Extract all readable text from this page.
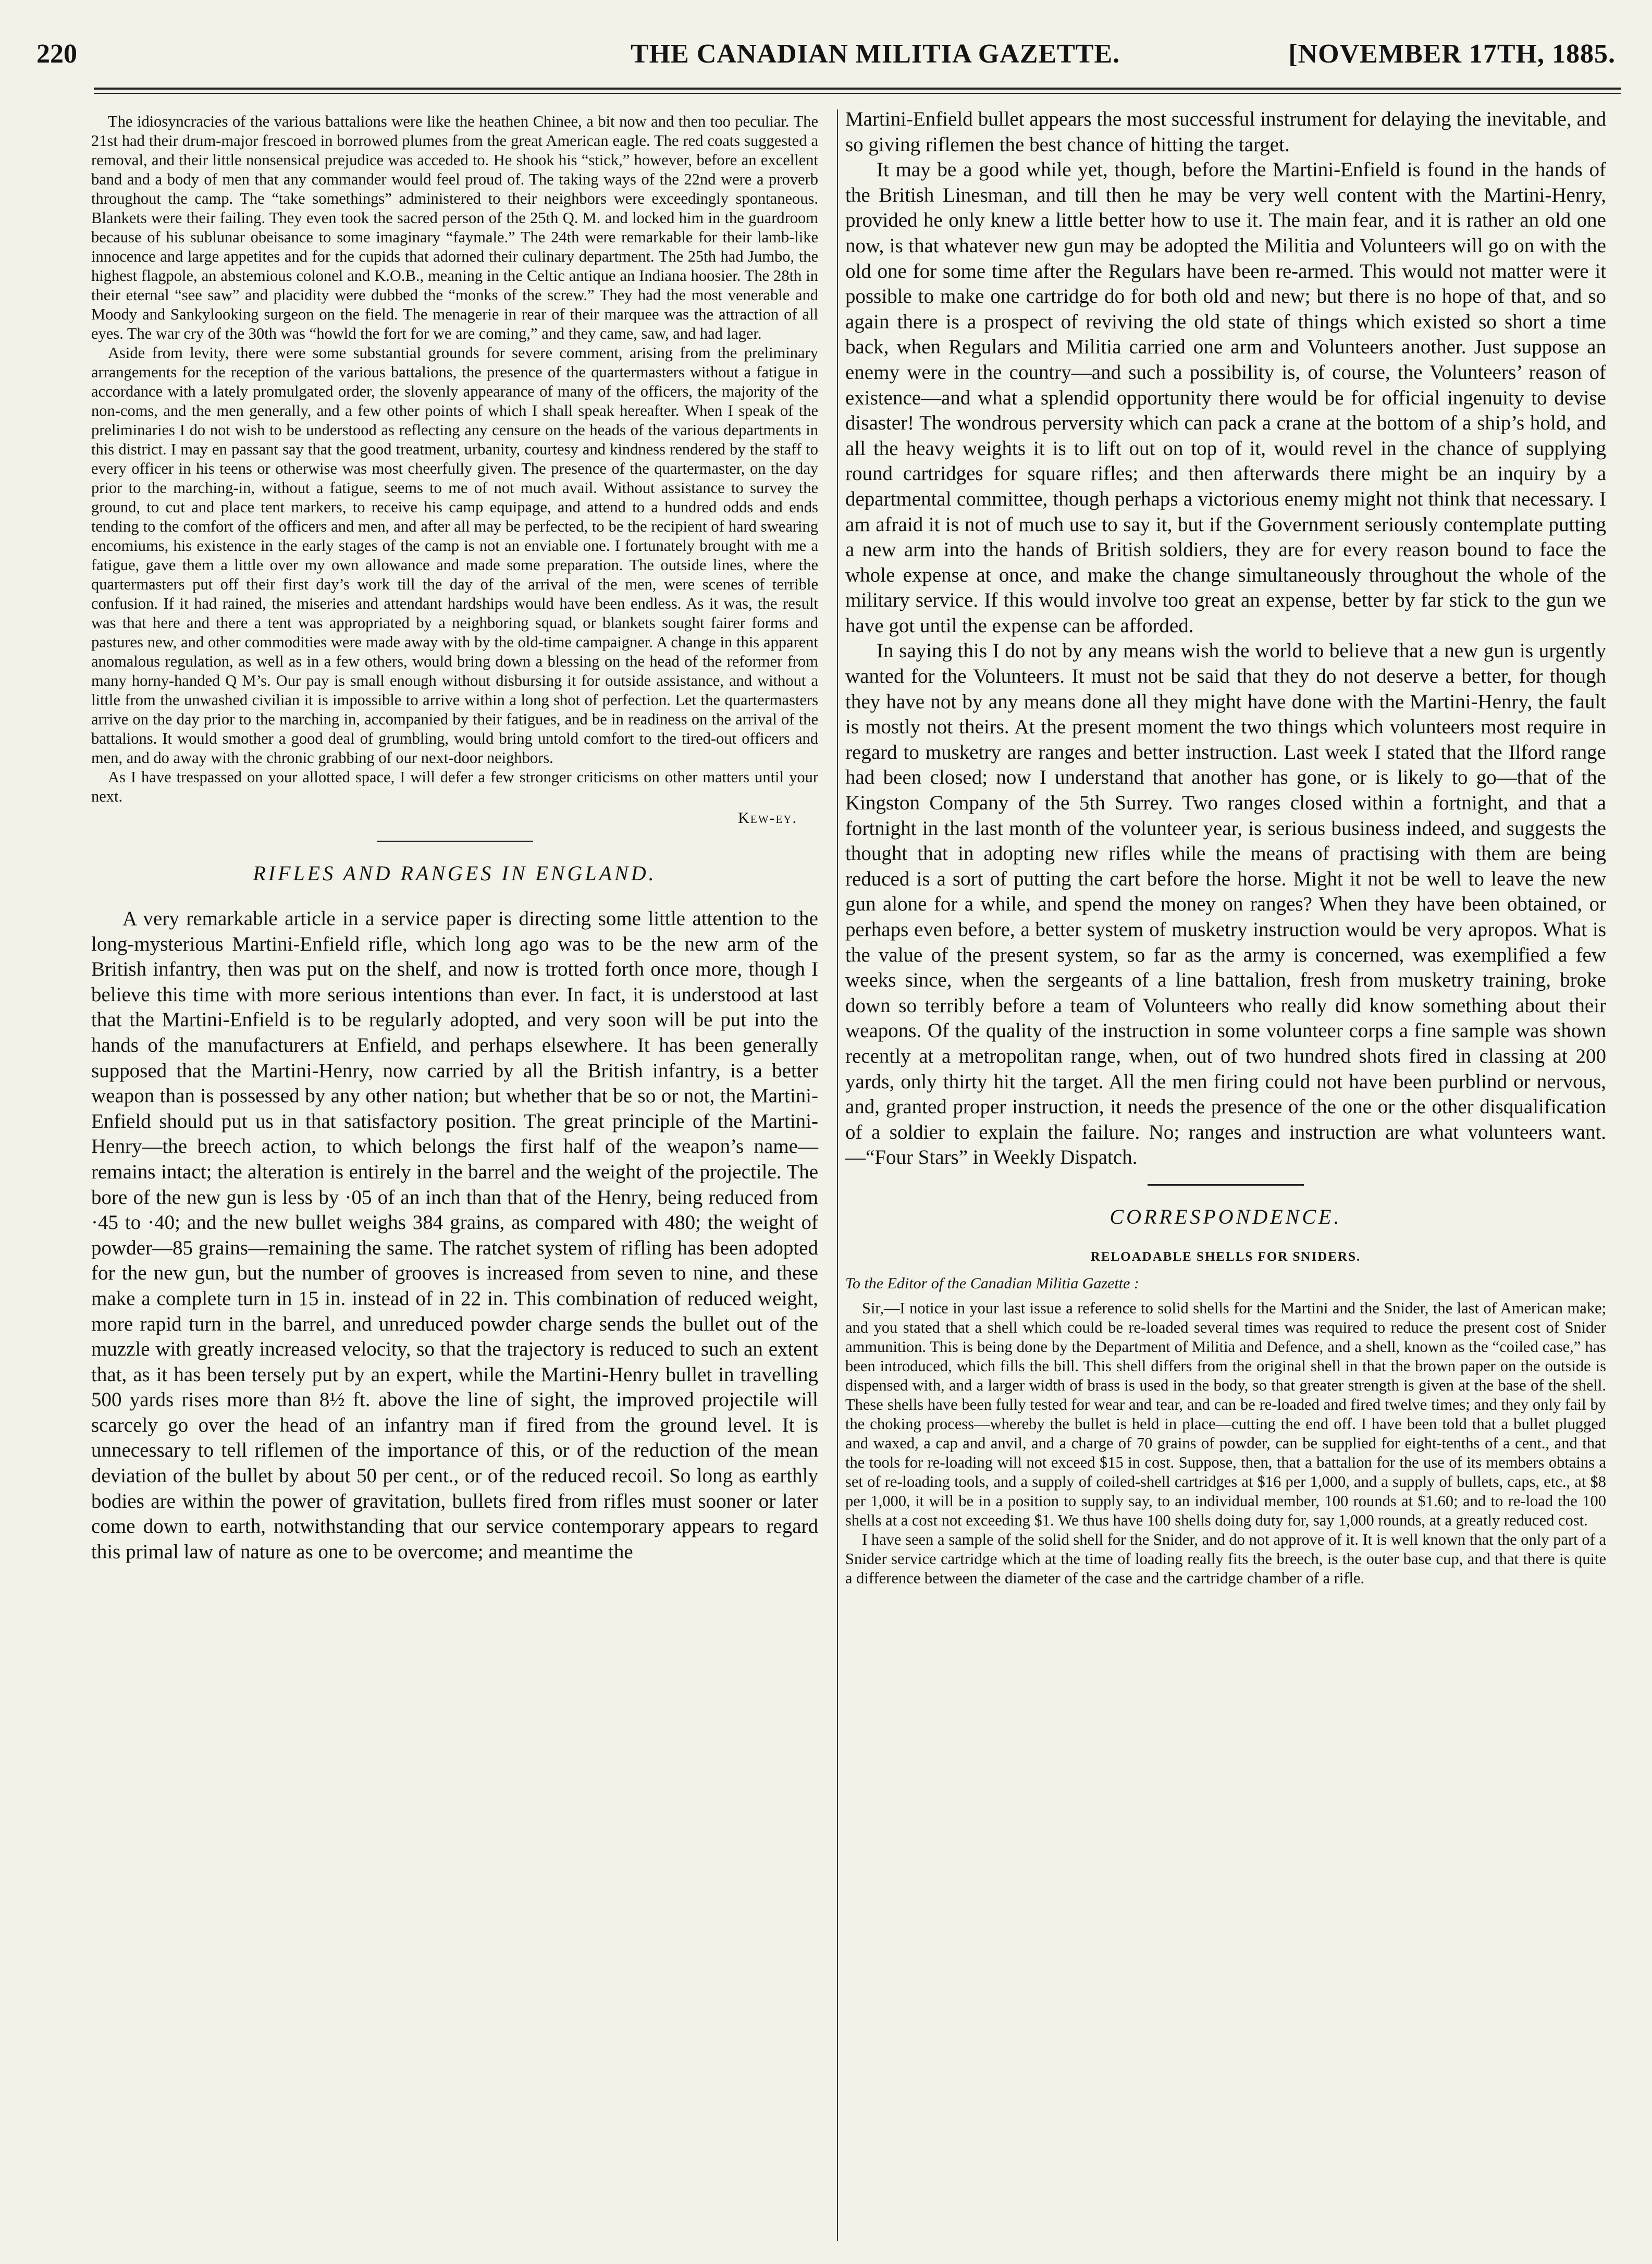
220	THE CANADIAN MILITIA GAZETTE.	[NOVEMBER 17TH, 1885.

The idiosyncracies of the various battalions were like the heathen Chinee, a bit now and then too peculiar. The 21st had their drum-major frescoed in borrowed plumes from the great American eagle. The red coats suggested a removal, and their little nonsensical prejudice was acceded to. He shook his “stick,” however, before an excellent band and a body of men that any commander would feel proud of. The taking ways of the 22nd were a proverb throughout the camp. The “take somethings” administered to their neighbors were exceedingly spontaneous. Blankets were their failing. They even took the sacred person of the 25th Q. M. and locked him in the guardroom because of his sublunar obeisance to some imaginary “faymale.” The 24th were remarkable for their lamb-like innocence and large appetites and for the cupids that adorned their culinary department. The 25th had Jumbo, the highest flagpole, an abstemious colonel and K.O.B., meaning in the Celtic antique an Indiana hoosier. The 28th in their eternal “see saw” and placidity were dubbed the “monks of the screw.” They had the most venerable and Moody and Sankylooking surgeon on the field. The menagerie in rear of their marquee was the attraction of all eyes. The war cry of the 30th was “howld the fort for we are coming,” and they came, saw, and had lager.

Aside from levity, there were some substantial grounds for severe comment, arising from the preliminary arrangements for the reception of the various battalions, the presence of the quartermasters without a fatigue in accordance with a lately promulgated order, the slovenly appearance of many of the officers, the majority of the non-coms, and the men generally, and a few other points of which I shall speak hereafter. When I speak of the preliminaries I do not wish to be understood as reflecting any censure on the heads of the various departments in this district. I may en passant say that the good treatment, urbanity, courtesy and kindness rendered by the staff to every officer in his teens or otherwise was most cheerfully given. The presence of the quartermaster, on the day prior to the marching-in, without a fatigue, seems to me of not much avail. Without assistance to survey the ground, to cut and place tent markers, to receive his camp equipage, and attend to a hundred odds and ends tending to the comfort of the officers and men, and after all may be perfected, to be the recipient of hard swearing encomiums, his existence in the early stages of the camp is not an enviable one. I fortunately brought with me a fatigue, gave them a little over my own allowance and made some preparation. The outside lines, where the quartermasters put off their first day’s work till the day of the arrival of the men, were scenes of terrible confusion. If it had rained, the miseries and attendant hardships would have been endless. As it was, the result was that here and there a tent was appropriated by a neighboring squad, or blankets sought fairer forms and pastures new, and other commodities were made away with by the old-time campaigner. A change in this apparent anomalous regulation, as well as in a few others, would bring down a blessing on the head of the reformer from many horny-handed Q M’s. Our pay is small enough without disbursing it for outside assistance, and without a little from the unwashed civilian it is impossible to arrive within a long shot of perfection. Let the quartermasters arrive on the day prior to the marching in, accompanied by their fatigues, and be in readiness on the arrival of the battalions. It would smother a good deal of grumbling, would bring untold comfort to the tired-out officers and men, and do away with the chronic grabbing of our next-door neighbors.

As I have trespassed on your allotted space, I will defer a few stronger criticisms on other matters until your next.

Kew-ey.
RIFLES AND RANGES IN ENGLAND.

A very remarkable article in a service paper is directing some little attention to the long-mysterious Martini-Enfield rifle, which long ago was to be the new arm of the British infantry, then was put on the shelf, and now is trotted forth once more, though I believe this time with more serious intentions than ever. In fact, it is understood at last that the Martini-Enfield is to be regularly adopted, and very soon will be put into the hands of the manufacturers at Enfield, and perhaps elsewhere. It has been generally supposed that the Martini-Henry, now carried by all the British infantry, is a better weapon than is possessed by any other nation; but whether that be so or not, the Martini-Enfield should put us in that satisfactory position. The great principle of the Martini-Henry—the breech action, to which belongs the first half of the weapon’s name—remains intact; the alteration is entirely in the barrel and the weight of the projectile. The bore of the new gun is less by ·05 of an inch than that of the Henry, being reduced from ·45 to ·40; and the new bullet weighs 384 grains, as compared with 480; the weight of powder—85 grains—remaining the same. The ratchet system of rifling has been adopted for the new gun, but the number of grooves is increased from seven to nine, and these make a complete turn in 15 in. instead of in 22 in. This combination of reduced weight, more rapid turn in the barrel, and unreduced powder charge sends the bullet out of the muzzle with greatly increased velocity, so that the trajectory is reduced to such an extent that, as it has been tersely put by an expert, while the Martini-Henry bullet in travelling 500 yards rises more than 8½ ft. above the line of sight, the improved projectile will scarcely go over the head of an infantry man if fired from the ground level. It is unnecessary to tell riflemen of the importance of this, or of the reduction of the mean deviation of the bullet by about 50 per cent., or of the reduced recoil. So long as earthly bodies are within the power of gravitation, bullets fired from rifles must sooner or later come down to earth, notwithstanding that our service contemporary appears to regard this primal law of nature as one to be overcome; and meantime the

Martini-Enfield bullet appears the most successful instrument for delaying the inevitable, and so giving riflemen the best chance of hitting the target.

It may be a good while yet, though, before the Martini-Enfield is found in the hands of the British Linesman, and till then he may be very well content with the Martini-Henry, provided he only knew a little better how to use it. The main fear, and it is rather an old one now, is that whatever new gun may be adopted the Militia and Volunteers will go on with the old one for some time after the Regulars have been re-armed. This would not matter were it possible to make one cartridge do for both old and new; but there is no hope of that, and so again there is a prospect of reviving the old state of things which existed so short a time back, when Regulars and Militia carried one arm and Volunteers another. Just suppose an enemy were in the country—and such a possibility is, of course, the Volunteers’ reason of existence—and what a splendid opportunity there would be for official ingenuity to devise disaster! The wondrous perversity which can pack a crane at the bottom of a ship’s hold, and all the heavy weights it is to lift out on top of it, would revel in the chance of supplying round cartridges for square rifles; and then afterwards there might be an inquiry by a departmental committee, though perhaps a victorious enemy might not think that necessary. I am afraid it is not of much use to say it, but if the Government seriously contemplate putting a new arm into the hands of British soldiers, they are for every reason bound to face the whole expense at once, and make the change simultaneously throughout the whole of the military service. If this would involve too great an expense, better by far stick to the gun we have got until the expense can be afforded.

In saying this I do not by any means wish the world to believe that a new gun is urgently wanted for the Volunteers. It must not be said that they do not deserve a better, for though they have not by any means done all they might have done with the Martini-Henry, the fault is mostly not theirs. At the present moment the two things which volunteers most require in regard to musketry are ranges and better instruction. Last week I stated that the Ilford range had been closed; now I understand that another has gone, or is likely to go—that of the Kingston Company of the 5th Surrey. Two ranges closed within a fortnight, and that a fortnight in the last month of the volunteer year, is serious business indeed, and suggests the thought that in adopting new rifles while the means of practising with them are being reduced is a sort of putting the cart before the horse. Might it not be well to leave the new gun alone for a while, and spend the money on ranges? When they have been obtained, or perhaps even before, a better system of musketry instruction would be very apropos. What is the value of the present system, so far as the army is concerned, was exemplified a few weeks since, when the sergeants of a line battalion, fresh from musketry training, broke down so terribly before a team of Volunteers who really did know something about their weapons. Of the quality of the instruction in some volunteer corps a fine sample was shown recently at a metropolitan range, when, out of two hundred shots fired in classing at 200 yards, only thirty hit the target. All the men firing could not have been purblind or nervous, and, granted proper instruction, it needs the presence of the one or the other disqualification of a soldier to explain the failure. No; ranges and instruction are what volunteers want.—“Four Stars” in Weekly Dispatch.

CORRESPONDENCE.
RELOADABLE SHELLS FOR SNIDERS.
To the Editor of the Canadian Militia Gazette :

Sir,—I notice in your last issue a reference to solid shells for the Martini and the Snider, the last of American make; and you stated that a shell which could be re-loaded several times was required to reduce the present cost of Snider ammunition. This is being done by the Department of Militia and Defence, and a shell, known as the “coiled case,” has been introduced, which fills the bill. This shell differs from the original shell in that the brown paper on the outside is dispensed with, and a larger width of brass is used in the body, so that greater strength is given at the base of the shell. These shells have been fully tested for wear and tear, and can be re-loaded and fired twelve times; and they only fail by the choking process—whereby the bullet is held in place—cutting the end off. I have been told that a bullet plugged and waxed, a cap and anvil, and a charge of 70 grains of powder, can be supplied for eight-tenths of a cent., and that the tools for re-loading will not exceed $15 in cost. Suppose, then, that a battalion for the use of its members obtains a set of re-loading tools, and a supply of coiled-shell cartridges at $16 per 1,000, and a supply of bullets, caps, etc., at $8 per 1,000, it will be in a position to supply say, to an individual member, 100 rounds at $1.60; and to re-load the 100 shells at a cost not exceeding $1. We thus have 100 shells doing duty for, say 1,000 rounds, at a greatly reduced cost.

I have seen a sample of the solid shell for the Snider, and do not approve of it. It is well known that the only part of a Snider service cartridge which at the time of loading really fits the breech, is the outer base cup, and that there is quite a difference between the diameter of the case and the cartridge chamber of a rifle.
